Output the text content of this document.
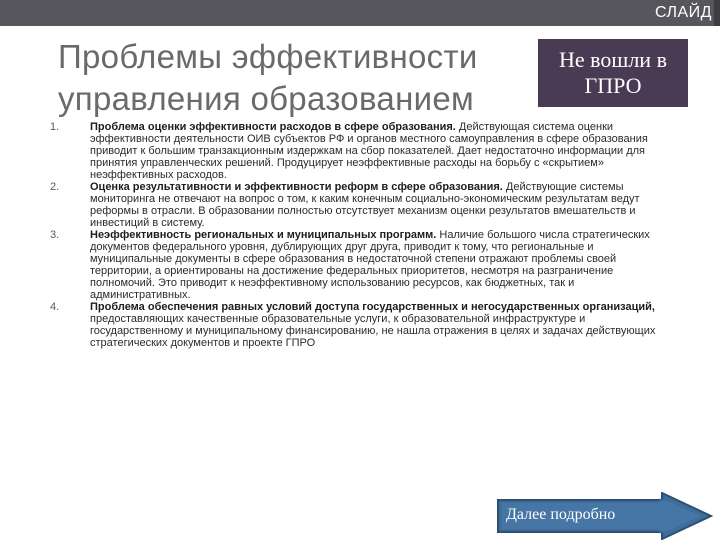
СЛАЙД
Проблемы эффективности
управления образованием
Не вошли в
ГПРО
1.	Проблема оценки эффективности расходов в сфере образования. Действующая система оценки эффективности деятельности ОИВ субъектов РФ и органов местного самоуправления в сфере образования приводит к большим транзакционным издержкам на сбор показателей. Дает недостаточно информации для принятия управленческих решений. Продуцирует неэффективные расходы на борьбу с «скрытием» неэффективных расходов.
2.	Оценка результативности и эффективности реформ в сфере образования. Действующие системы мониторинга не отвечают на вопрос о том, к каким конечным социально-экономическим результатам ведут реформы в отрасли. В образовании полностью отсутствует механизм оценки результатов вмешательств и инвестиций в систему.
3.	Неэффективность региональных и муниципальных программ. Наличие большого числа стратегических документов федерального уровня, дублирующих друг друга, приводит к тому, что региональные и муниципальные документы в сфере образования в недостаточной степени отражают проблемы своей территории, а ориентированы на достижение федеральных приоритетов, несмотря на разграничение полномочий. Это приводит к неэффективному использованию ресурсов, как бюджетных, так и административных.
4.	Проблема обеспечения равных условий доступа государственных и негосударственных организаций, предоставляющих качественные образовательные услуги, к образовательной инфраструктуре и государственному и муниципальному финансированию, не нашла отражения в целях и задачах действующих стратегических документов и проекте ГПРО
Далее подробно
